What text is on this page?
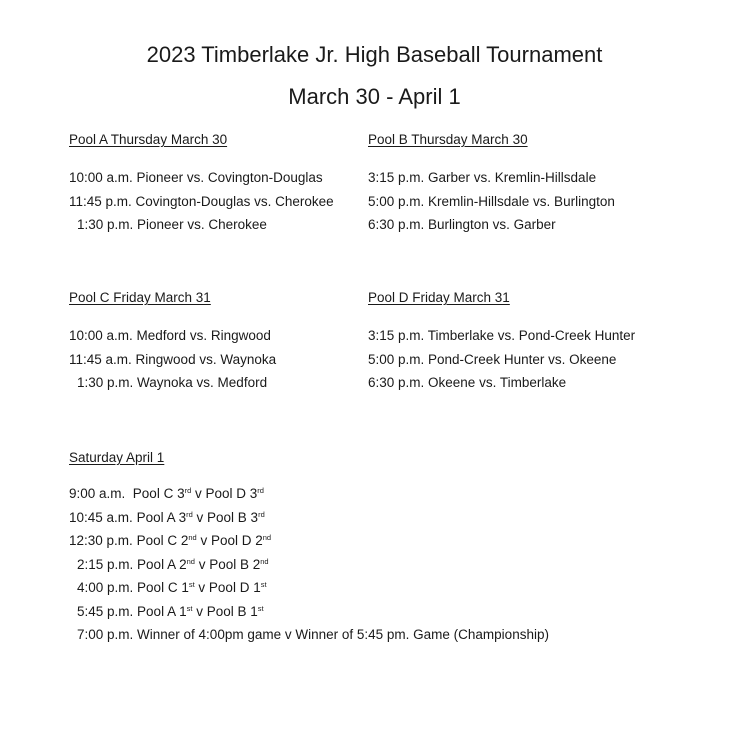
2023 Timberlake Jr. High Baseball Tournament
March 30 - April 1
Pool A Thursday March 30
10:00 a.m. Pioneer vs. Covington-Douglas
11:45 p.m. Covington-Douglas vs. Cherokee
1:30 p.m. Pioneer vs. Cherokee
Pool B Thursday March 30
3:15 p.m. Garber vs. Kremlin-Hillsdale
5:00 p.m. Kremlin-Hillsdale vs. Burlington
6:30 p.m. Burlington vs. Garber
Pool C Friday March 31
10:00 a.m. Medford vs. Ringwood
11:45 a.m. Ringwood vs. Waynoka
1:30 p.m. Waynoka vs. Medford
Pool D Friday March 31
3:15 p.m. Timberlake vs. Pond-Creek Hunter
5:00 p.m. Pond-Creek Hunter vs. Okeene
6:30 p.m. Okeene vs. Timberlake
Saturday April 1
9:00 a.m. Pool C 3rd v Pool D 3rd
10:45 a.m. Pool A 3rd v Pool B 3rd
12:30 p.m. Pool C 2nd v Pool D 2nd
2:15 p.m. Pool A 2nd v Pool B 2nd
4:00 p.m. Pool C 1st v Pool D 1st
5:45 p.m. Pool A 1st v Pool B 1st
7:00 p.m. Winner of 4:00pm game v Winner of 5:45 pm. Game (Championship)
